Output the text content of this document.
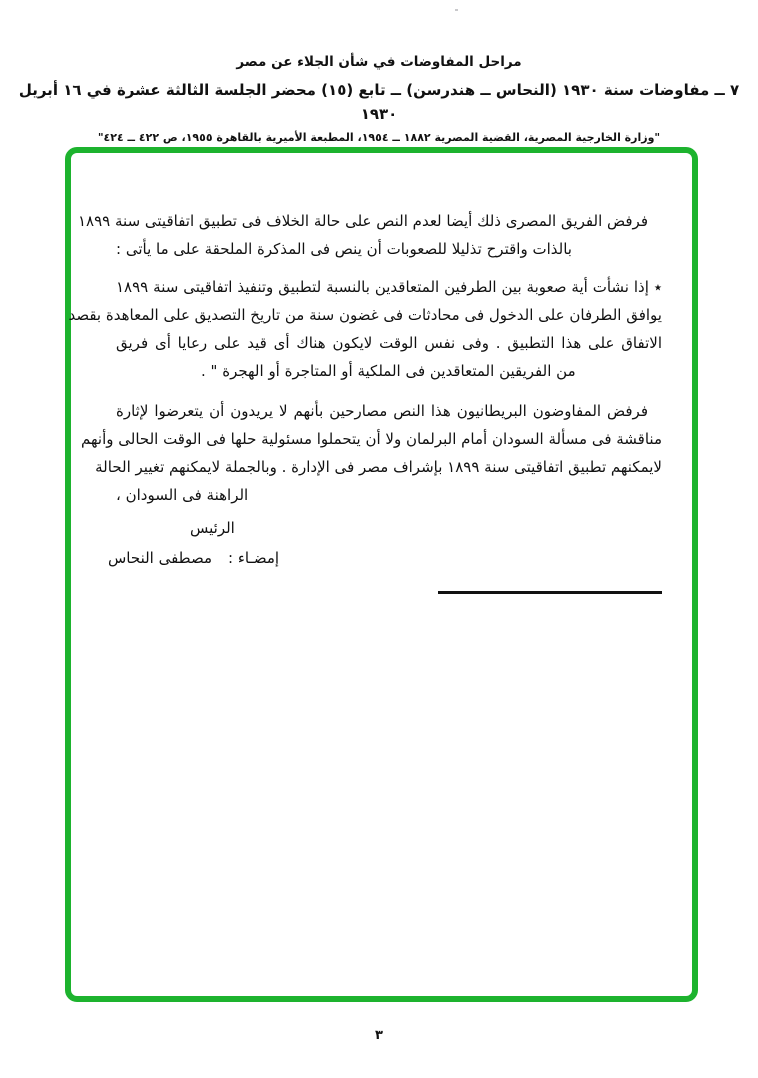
مراحل المفاوضات في شأن الجلاء عن مصر
٧ ــ مفاوضات سنة ١٩٣٠ (النحاس ــ هندرسن) ــ تابع (١٥) محضر الجلسة الثالثة عشرة في ١٦ أبريل ١٩٣٠
"وزارة الخارجية المصرية، القضية المصرية ١٨٨٢ ــ ١٩٥٤، المطبعة الأميرية بالقاهرة ١٩٥٥، ص ٤٢٢ ــ ٤٢٤"
فرفض الفريق المصرى ذلك أيضا لعدم النص على حالة الخلاف فى تطبيق اتفاقيتى سنة ١٨٩٩
بالذات واقترح تذليلا للصعوبات أن ينص فى المذكرة الملحقة على ما يأتى :
٭ إذا نشأت أية صعوبة بين الطرفين المتعاقدين بالنسبة لتطبيق وتنفيذ اتفاقيتى سنة ١٨٩٩
يوافق الطرفان على الدخول فى محادثات فى غضون سنة من تاريخ التصديق على المعاهدة بقصد
الاتفاق على هذا التطبيق . وفى نفس الوقت لايكون هناك أى قيد على رعايا أى فريق
من الفريقين المتعاقدين فى الملكية أو المتاجرة أو الهجرة " .
فرفض المفاوضون البريطانيون هذا النص مصارحين بأنهم لا يريدون أن يتعرضوا لإثارة
مناقشة فى مسألة السودان أمام البرلمان ولا أن يتحملوا مسئولية حلها فى الوقت الحالى وأنهم
لايمكنهم تطبيق اتفاقيتى سنة ١٨٩٩ بإشراف مصر فى الإدارة . وبالجملة لايمكنهم تغيير الحالة
الراهنة فى السودان ،
الرئيس
إمضـاء :مصطفى النحاس
٣
